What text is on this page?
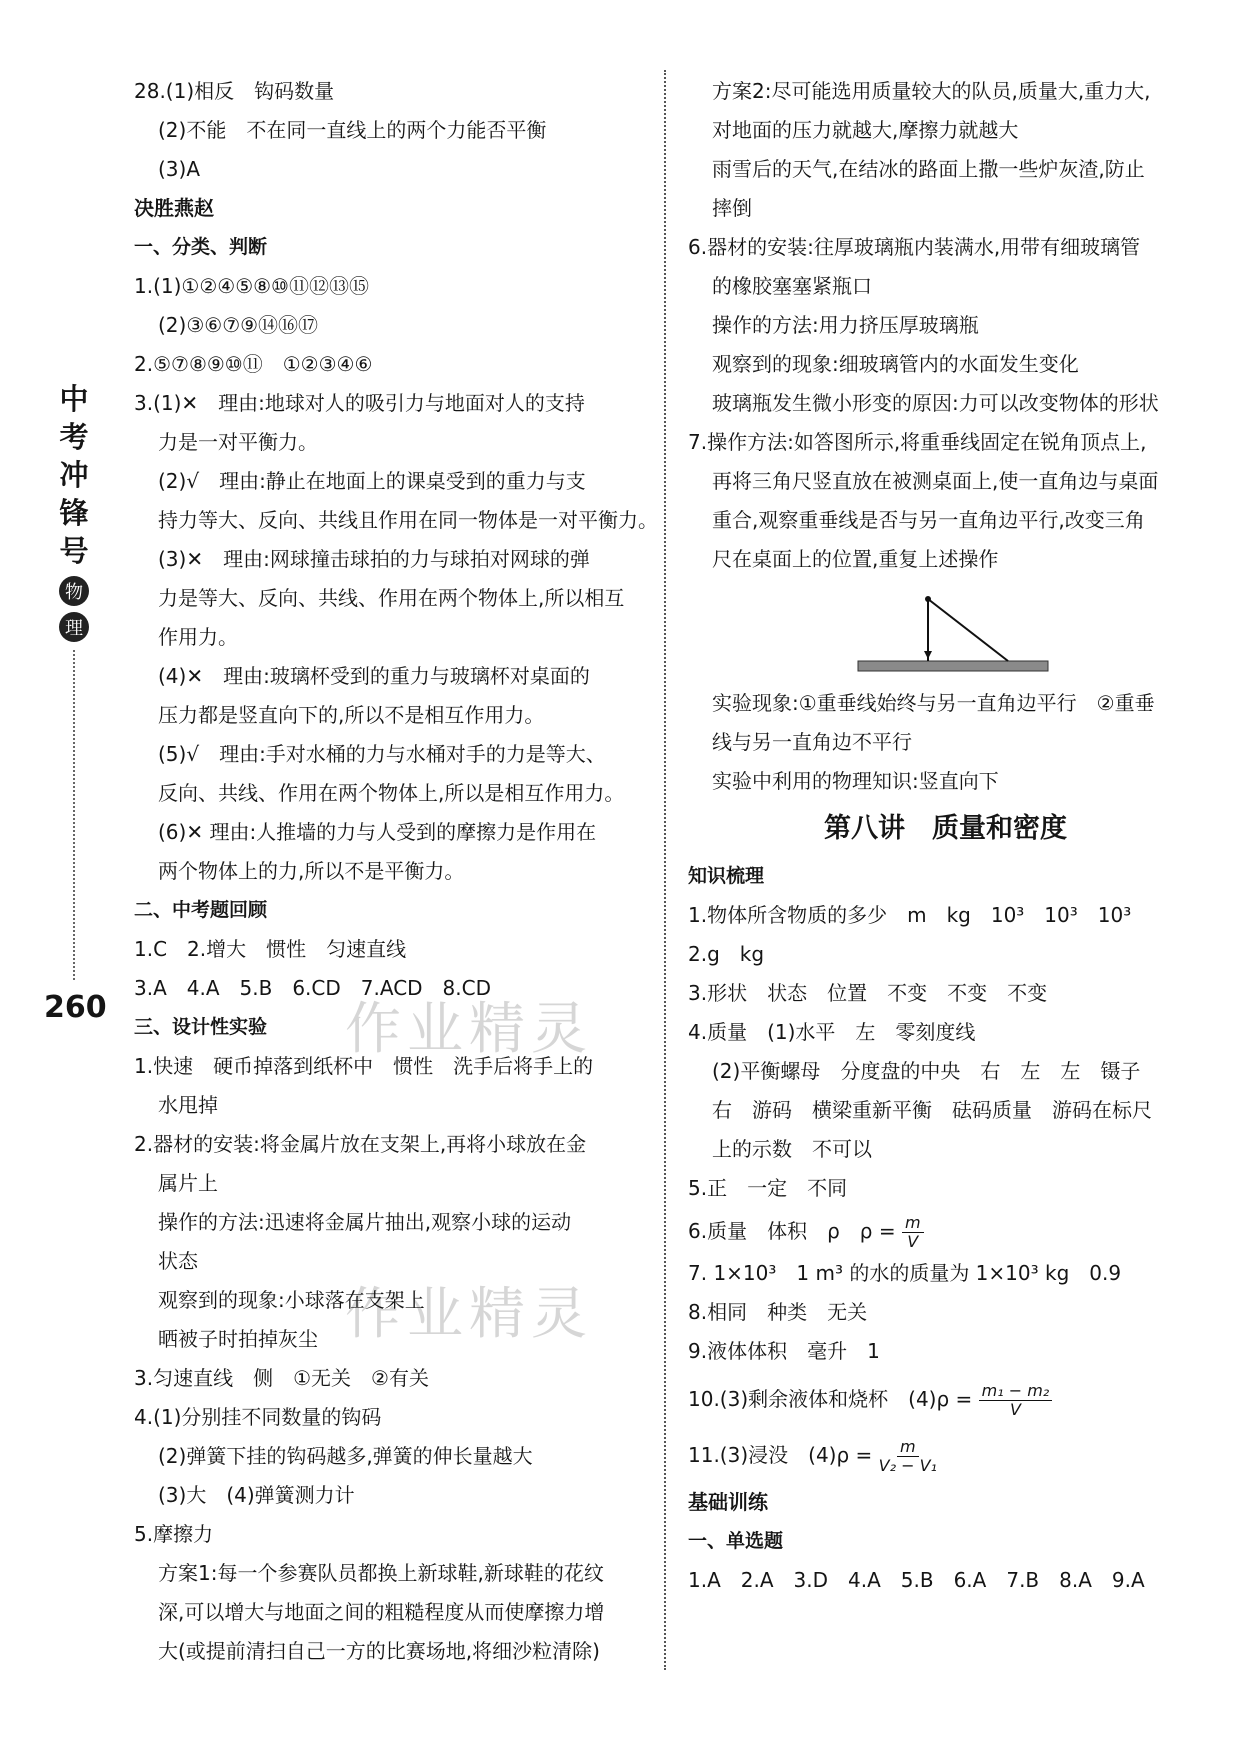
中
考
冲
锋
号
物
理
260	作业精灵
作业精灵
28.(1)相反　钩码数量
(2)不能　不在同一直线上的两个力能否平衡
(3)A
决胜燕赵
一、分类、判断
1.(1)①②④⑤⑧⑩⑪⑫⑬⑮
(2)③⑥⑦⑨⑭⑯⑰
2.⑤⑦⑧⑨⑩⑪　①②③④⑥
3.(1)✕　理由:地球对人的吸引力与地面对人的支持
力是一对平衡力。
(2)√　理由:静止在地面上的课桌受到的重力与支
持力等大、反向、共线且作用在同一物体是一对平衡力。
(3)✕　理由:网球撞击球拍的力与球拍对网球的弹
力是等大、反向、共线、作用在两个物体上,所以相互
作用力。
(4)✕　理由:玻璃杯受到的重力与玻璃杯对桌面的
压力都是竖直向下的,所以不是相互作用力。
(5)√　理由:手对水桶的力与水桶对手的力是等大、
反向、共线、作用在两个物体上,所以是相互作用力。
(6)✕ 理由:人推墙的力与人受到的摩擦力是作用在
两个物体上的力,所以不是平衡力。
二、中考题回顾
1.C　2.增大　惯性　匀速直线
3.A　4.A　5.B　6.CD　7.ACD　8.CD
三、设计性实验
1.快速　硬币掉落到纸杯中　惯性　洗手后将手上的
水甩掉
2.器材的安装:将金属片放在支架上,再将小球放在金
属片上
操作的方法:迅速将金属片抽出,观察小球的运动
状态
观察到的现象:小球落在支架上
晒被子时拍掉灰尘
3.匀速直线　侧　①无关　②有关
4.(1)分别挂不同数量的钩码
(2)弹簧下挂的钩码越多,弹簧的伸长量越大
(3)大　(4)弹簧测力计
5.摩擦力
方案1:每一个参赛队员都换上新球鞋,新球鞋的花纹
深,可以增大与地面之间的粗糙程度从而使摩擦力增
大(或提前清扫自己一方的比赛场地,将细沙粒清除)
方案2:尽可能选用质量较大的队员,质量大,重力大,
对地面的压力就越大,摩擦力就越大
雨雪后的天气,在结冰的路面上撒一些炉灰渣,防止
摔倒
6.器材的安装:往厚玻璃瓶内装满水,用带有细玻璃管
的橡胶塞塞紧瓶口
操作的方法:用力挤压厚玻璃瓶
观察到的现象:细玻璃管内的水面发生变化
玻璃瓶发生微小形变的原因:力可以改变物体的形状
7.操作方法:如答图所示,将重垂线固定在锐角顶点上,
再将三角尺竖直放在被测桌面上,使一直角边与桌面
重合,观察重垂线是否与另一直角边平行,改变三角
尺在桌面上的位置,重复上述操作
实验现象:①重垂线始终与另一直角边平行　②重垂
线与另一直角边不平行
实验中利用的物理知识:竖直向下
第八讲　质量和密度
知识梳理
1.物体所含物质的多少　m　kg　10³　10³　10³
2.g　kg
3.形状　状态　位置　不变　不变　不变
4.质量　(1)水平　左　零刻度线
(2)平衡螺母　分度盘的中央　右　左　左　镊子
右　游码　横梁重新平衡　砝码质量　游码在标尺
上的示数　不可以
5.正　一定　不同
6.质量　体积　ρ　$\rho = \frac{m}{V}$
7. 1×10³　1 m³ 的水的质量为 1×10³ kg　0.9
8.相同　种类　无关
9.液体体积　毫升　1
10.(3)剩余液体和烧杯　$(4)\rho = \frac{\text{m₁ − m₂}}{V}$
11.(3)浸没　$(4)\rho = \frac{m}{\text{V₂ − V₁}}$
基础训练
一、单选题
1.A　2.A　3.D　4.A　5.B　6.A　7.B　8.A　9.A
